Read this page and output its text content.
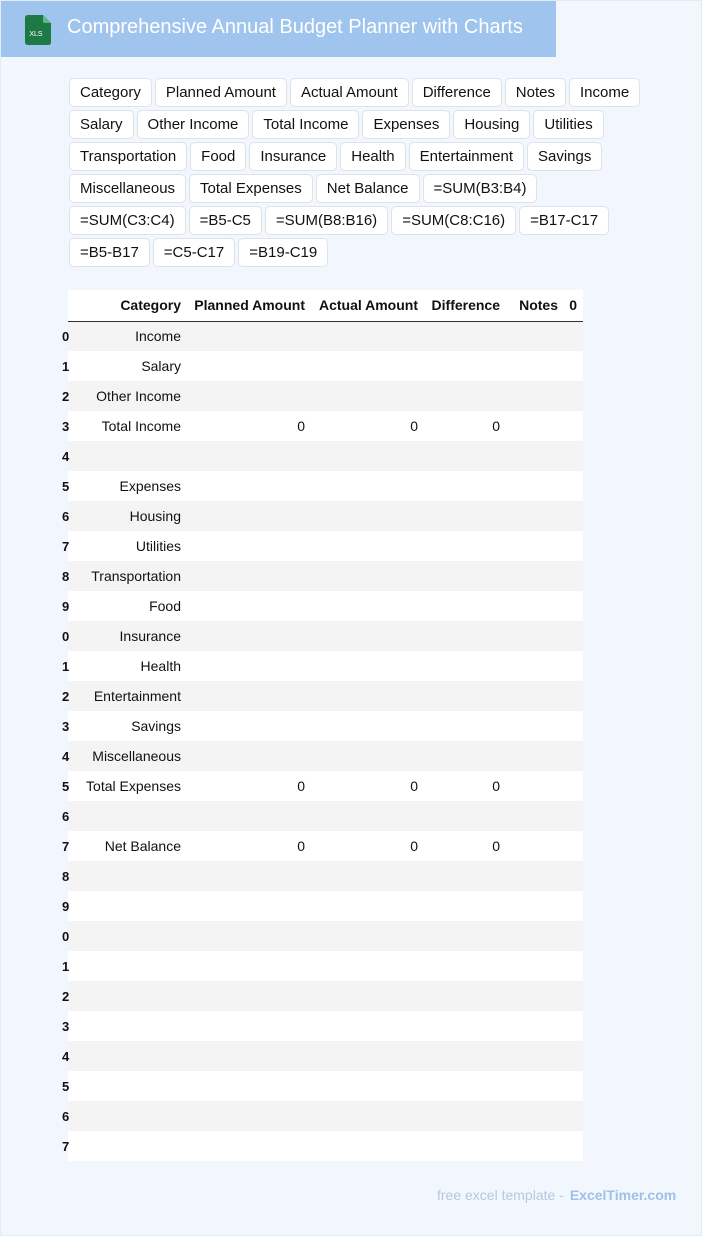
XLS Comprehensive Annual Budget Planner with Charts
Category	Planned Amount	Actual Amount	Difference	Notes	Income
Salary	Other Income	Total Income	Expenses	Housing	Utilities
Transportation	Food	Insurance	Health	Entertainment	Savings
Miscellaneous	Total Expenses	Net Balance	=SUM(B3:B4)
=SUM(C3:C4)	=B5-C5	=SUM(B8:B16)	=SUM(C8:C16)	=B17-C17
=B5-B17	=C5-C17	=B19-C19
	Category	Planned Amount	Actual Amount	Difference	Notes	0
0	Income					
1	Salary					
2	Other Income					
3	Total Income	0	0	0		
4						
5	Expenses					
6	Housing					
7	Utilities					
8	Transportation					
9	Food					
0	Insurance					
1	Health					
2	Entertainment					
3	Savings					
4	Miscellaneous					
5	Total Expenses	0	0	0		
6						
7	Net Balance	0	0	0		
8						
9						
0						
1						
2						
3						
4						
5						
6						
7						
free excel template - ExcelTimer.com
